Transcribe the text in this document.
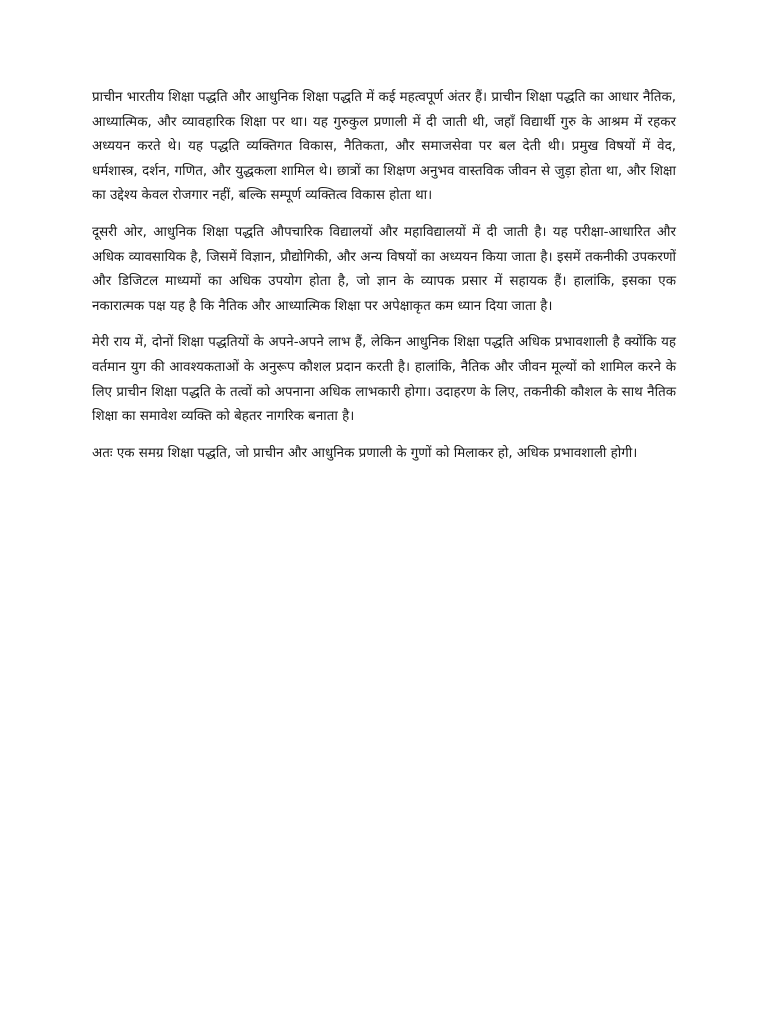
प्राचीन भारतीय शिक्षा पद्धति और आधुनिक शिक्षा पद्धति में कई महत्वपूर्ण अंतर हैं। प्राचीन शिक्षा पद्धति का आधार नैतिक, आध्यात्मिक, और व्यावहारिक शिक्षा पर था। यह गुरुकुल प्रणाली में दी जाती थी, जहाँ विद्यार्थी गुरु के आश्रम में रहकर अध्ययन करते थे। यह पद्धति व्यक्तिगत विकास, नैतिकता, और समाजसेवा पर बल देती थी। प्रमुख विषयों में वेद, धर्मशास्त्र, दर्शन, गणित, और युद्धकला शामिल थे। छात्रों का शिक्षण अनुभव वास्तविक जीवन से जुड़ा होता था, और शिक्षा का उद्देश्य केवल रोजगार नहीं, बल्कि सम्पूर्ण व्यक्तित्व विकास होता था।

दूसरी ओर, आधुनिक शिक्षा पद्धति औपचारिक विद्यालयों और महाविद्यालयों में दी जाती है। यह परीक्षा-आधारित और अधिक व्यावसायिक है, जिसमें विज्ञान, प्रौद्योगिकी, और अन्य विषयों का अध्ययन किया जाता है। इसमें तकनीकी उपकरणों और डिजिटल माध्यमों का अधिक उपयोग होता है, जो ज्ञान के व्यापक प्रसार में सहायक हैं। हालांकि, इसका एक नकारात्मक पक्ष यह है कि नैतिक और आध्यात्मिक शिक्षा पर अपेक्षाकृत कम ध्यान दिया जाता है।

मेरी राय में, दोनों शिक्षा पद्धतियों के अपने-अपने लाभ हैं, लेकिन आधुनिक शिक्षा पद्धति अधिक प्रभावशाली है क्योंकि यह वर्तमान युग की आवश्यकताओं के अनुरूप कौशल प्रदान करती है। हालांकि, नैतिक और जीवन मूल्यों को शामिल करने के लिए प्राचीन शिक्षा पद्धति के तत्वों को अपनाना अधिक लाभकारी होगा। उदाहरण के लिए, तकनीकी कौशल के साथ नैतिक शिक्षा का समावेश व्यक्ति को बेहतर नागरिक बनाता है।

अतः एक समग्र शिक्षा पद्धति, जो प्राचीन और आधुनिक प्रणाली के गुणों को मिलाकर हो, अधिक प्रभावशाली होगी।
